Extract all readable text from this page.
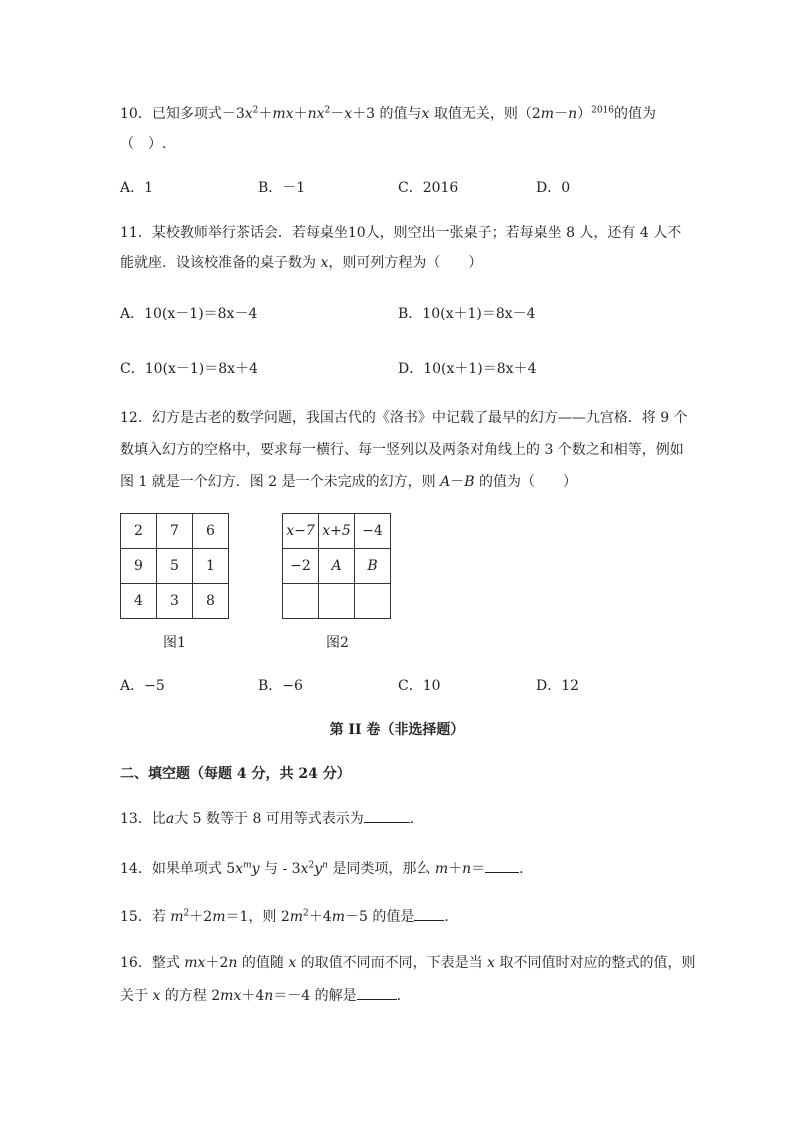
10．已知多项式$-3x^2+mx+nx^2-x+3$ 的值与x 取值无关，则$(2m-n)^{2016}$的值为
（　）.
A．1	B．－1	C．2016	D．0
11．某校教师举行茶话会．若每桌坐10人，则空出一张桌子；若每桌坐 8 人，还有 4 人不
能就座．设该校准备的桌子数为 x，则可列方程为（　　）
A．10(x－1)＝8x－4	B．10(x＋1)＝8x－4
C．10(x－1)＝8x＋4	D．10(x＋1)＝8x＋4
12．幻方是古老的数学问题，我国古代的《洛书》中记载了最早的幻方——九宫格．将 9 个
数填入幻方的空格中，要求每一横行、每一竖列以及两条对角线上的 3 个数之和相等，例如
图 1 就是一个幻方．图 2 是一个未完成的幻方，则 A－B 的值为（　　）
2	7	6
9	5	1
4	3	8
图1
x−7	x+5	−4
−2	A	B

图2
A．−5	B．−6	C．10	D．12
第 II 卷（非选择题）
二、填空题（每题 4 分，共 24 分）
13．比a大 5 数等于 8 可用等式表示为	．
14．如果单项式 $5x^my$ 与 - $3x^2y^n$ 是同类项，那么 m＋n＝ ．
15．若 $m^2+2m=1$，则 $2m^2+4m-5$ 的值是 ．
16．整式 mx＋2n 的值随 x 的取值不同而不同，下表是当 x 取不同值时对应的整式的值，则
关于 x 的方程 2mx＋4n＝－4 的解是	．
